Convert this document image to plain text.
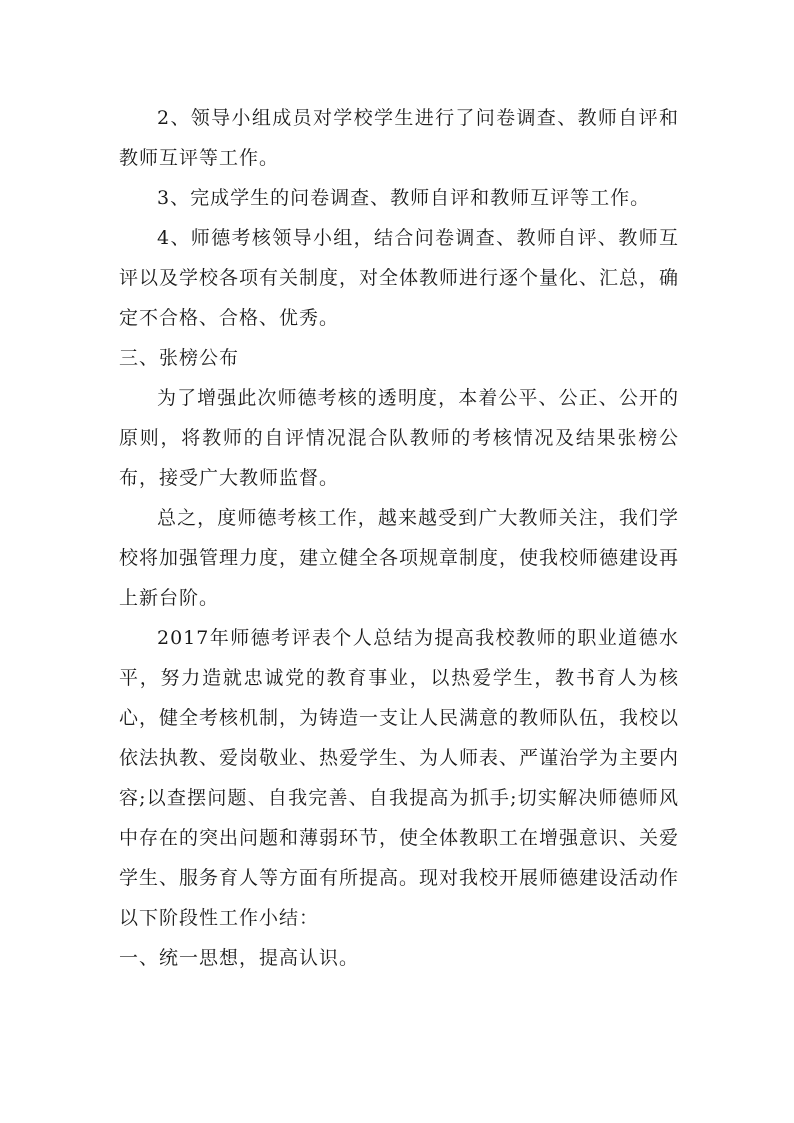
2、领导小组成员对学校学生进行了问卷调查、教师自评和教师互评等工作。

3、完成学生的问卷调查、教师自评和教师互评等工作。

4、师德考核领导小组，结合问卷调查、教师自评、教师互评以及学校各项有关制度，对全体教师进行逐个量化、汇总，确定不合格、合格、优秀。

三、张榜公布

为了增强此次师德考核的透明度，本着公平、公正、公开的原则，将教师的自评情况混合队教师的考核情况及结果张榜公布，接受广大教师监督。

总之，度师德考核工作，越来越受到广大教师关注，我们学校将加强管理力度，建立健全各项规章制度，使我校师德建设再上新台阶。

2017年师德考评表个人总结为提高我校教师的职业道德水平，努力造就忠诚党的教育事业，以热爱学生，教书育人为核心，健全考核机制，为铸造一支让人民满意的教师队伍，我校以依法执教、爱岗敬业、热爱学生、为人师表、严谨治学为主要内容;以查摆问题、自我完善、自我提高为抓手;切实解决师德师风中存在的突出问题和薄弱环节，使全体教职工在增强意识、关爱学生、服务育人等方面有所提高。现对我校开展师德建设活动作以下阶段性工作小结：

一、统一思想，提高认识。
